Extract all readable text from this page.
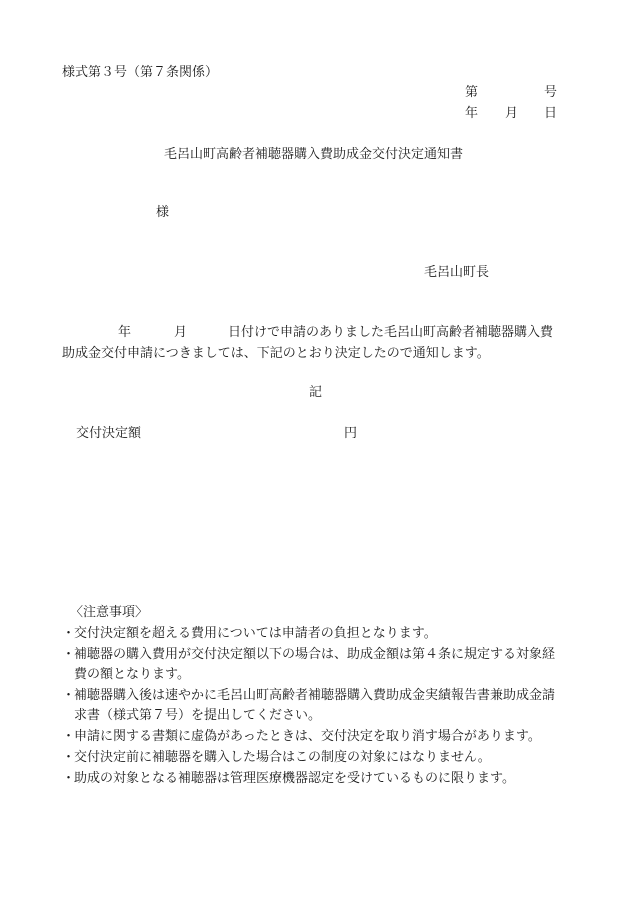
様式第３号（第７条関係）
第	号
年 月 日
毛呂山町高齢者補聴器購入費助成金交付決定通知書
様
毛呂山町長
年	月	日付けで申請のありました毛呂山町高齢者補聴器購入費
助成金交付申請につきましては、下記のとおり決定したので通知します。
記
交付決定額	円
〈注意事項〉
・
交付決定額を超える費用については申請者の負担となります。
・
補聴器の購入費用が交付決定額以下の場合は、助成金額は第４条に規定する対象経費の額となります。
・
補聴器購入後は速やかに毛呂山町高齢者補聴器購入費助成金実績報告書兼助成金請求書（様式第７号）を提出してください。
・
申請に関する書類に虚偽があったときは、交付決定を取り消す場合があります。
・
交付決定前に補聴器を購入した場合はこの制度の対象にはなりません。
・
助成の対象となる補聴器は管理医療機器認定を受けているものに限ります。
